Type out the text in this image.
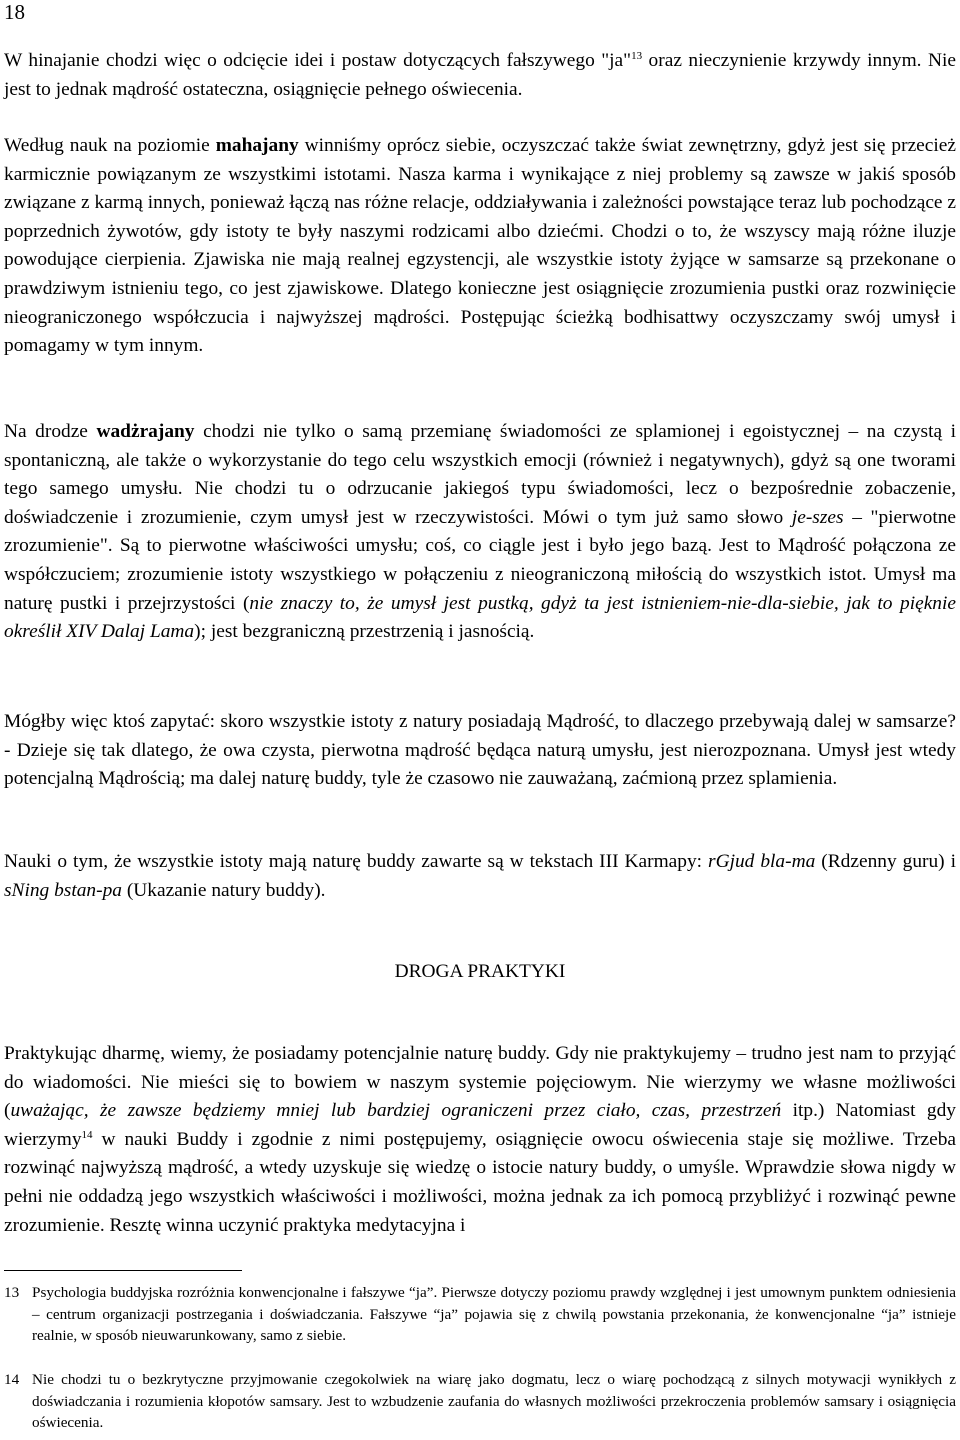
18

W hinajanie chodzi więc o odcięcie idei i postaw dotyczących fałszywego "ja"$^{13}$ oraz nieczynienie krzywdy innym. Nie jest to jednak mądrość ostateczna, osiągnięcie pełnego oświecenia.

Według nauk na poziomie mahajany winniśmy oprócz siebie, oczyszczać także świat zewnętrzny, gdyż jest się przecież karmicznie powiązanym ze wszystkimi istotami. Nasza karma i wynikające z niej problemy są zawsze w jakiś sposób związane z karmą innych, ponieważ łączą nas różne relacje, oddziaływania i zależności powstające teraz lub pochodzące z poprzednich żywotów, gdy istoty te były naszymi rodzicami albo dziećmi. Chodzi o to, że wszyscy mają różne iluzje powodujące cierpienia. Zjawiska nie mają realnej egzystencji, ale wszystkie istoty żyjące w samsarze są przekonane o prawdziwym istnieniu tego, co jest zjawiskowe. Dlatego konieczne jest osiągnięcie zrozumienia pustki oraz rozwinięcie nieograniczonego współczucia i najwyższej mądrości. Postępując ścieżką bodhisattwy oczyszczamy swój umysł i pomagamy w tym innym.

Na drodze wadżrajany chodzi nie tylko o samą przemianę świadomości ze splamionej i egoistycznej – na czystą i spontaniczną, ale także o wykorzystanie do tego celu wszystkich emocji (również i negatywnych), gdyż są one tworami tego samego umysłu. Nie chodzi tu o odrzucanie jakiegoś typu świadomości, lecz o bezpośrednie zobaczenie, doświadczenie i zrozumienie, czym umysł jest w rzeczywistości. Mówi o tym już samo słowo je-szes – "pierwotne zrozumienie". Są to pierwotne właściwości umysłu; coś, co ciągle jest i było jego bazą. Jest to Mądrość połączona ze współczuciem; zrozumienie istoty wszystkiego w połączeniu z nieograniczoną miłością do wszystkich istot. Umysł ma naturę pustki i przejrzystości (nie znaczy to, że umysł jest pustką, gdyż ta jest istnieniem-nie-dla-siebie, jak to pięknie określił XIV Dalaj Lama); jest bezgraniczną przestrzenią i jasnością.

Mógłby więc ktoś zapytać: skoro wszystkie istoty z natury posiadają Mądrość, to dlaczego przebywają dalej w samsarze? - Dzieje się tak dlatego, że owa czysta, pierwotna mądrość będąca naturą umysłu, jest nierozpoznana. Umysł jest wtedy potencjalną Mądrością; ma dalej naturę buddy, tyle że czasowo nie zauważaną, zaćmioną przez splamienia.

Nauki o tym, że wszystkie istoty mają naturę buddy zawarte są w tekstach III Karmapy: rGjud bla-ma (Rdzenny guru) i sNing bstan-pa (Ukazanie natury buddy).

DROGA PRAKTYKI

Praktykując dharmę, wiemy, że posiadamy potencjalnie naturę buddy. Gdy nie praktykujemy – trudno jest nam to przyjąć do wiadomości. Nie mieści się to bowiem w naszym systemie pojęciowym. Nie wierzymy we własne możliwości (uważając, że zawsze będziemy mniej lub bardziej ograniczeni przez ciało, czas, przestrzeń itp.) Natomiast gdy wierzymy$^{14}$ w nauki Buddy i zgodnie z nimi postępujemy, osiągnięcie owocu oświecenia staje się możliwe. Trzeba rozwinąć najwyższą mądrość, a wtedy uzyskuje się wiedzę o istocie natury buddy, o umyśle. Wprawdzie słowa nigdy w pełni nie oddadzą jego wszystkich właściwości i możliwości, można jednak za ich pomocą przybliżyć i rozwinąć pewne zrozumienie. Resztę winna uczynić praktyka medytacyjna i

13 Psychologia buddyjska rozróżnia konwencjonalne i fałszywe “ja”. Pierwsze dotyczy poziomu prawdy względnej i jest umownym punktem odniesienia – centrum organizacji postrzegania i doświadczania. Fałszywe “ja” pojawia się z chwilą powstania przekonania, że konwencjonalne “ja” istnieje realnie, w sposób nieuwarunkowany, samo z siebie.
14 Nie chodzi tu o bezkrytyczne przyjmowanie czegokolwiek na wiarę jako dogmatu, lecz o wiarę pochodzącą z silnych motywacji wynikłych z doświadczania i rozumienia kłopotów samsary. Jest to wzbudzenie zaufania do własnych możliwości przekroczenia problemów samsary i osiągnięcia oświecenia.
